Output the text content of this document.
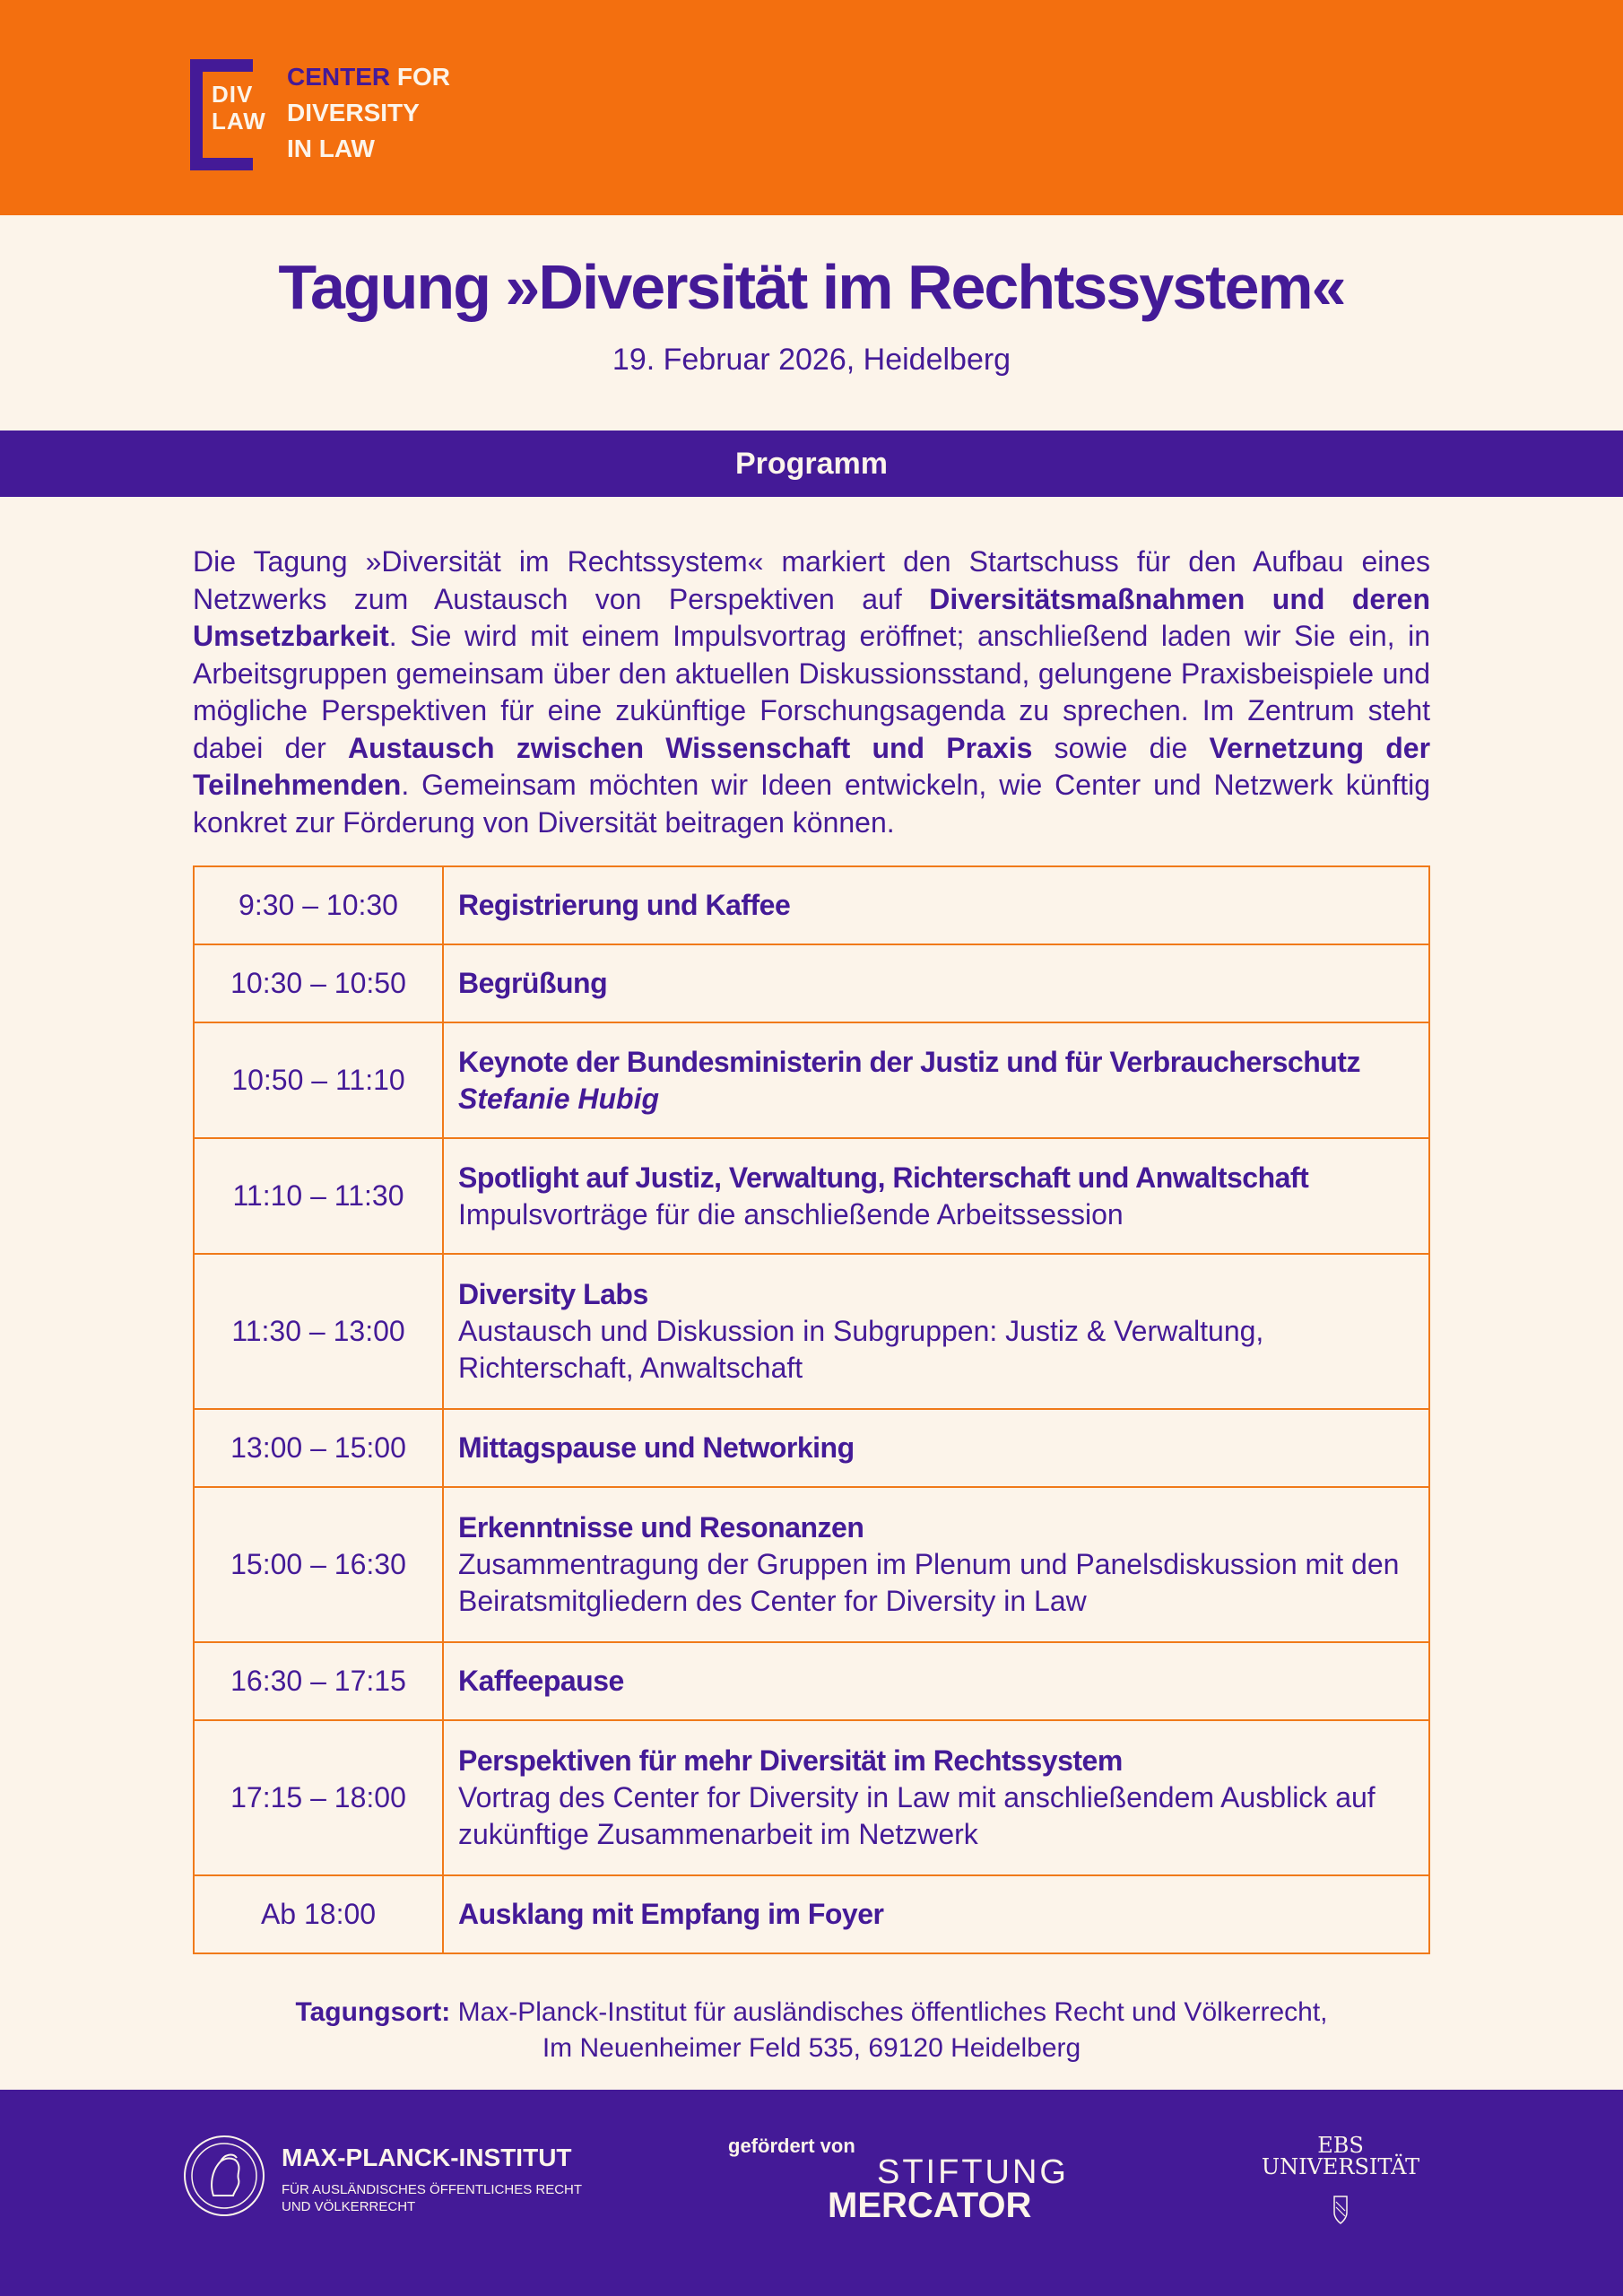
DIV
LAW
CENTER FOR
DIVERSITY
IN LAW
Tagung »Diversität im Rechtssystem«
19. Februar 2026, Heidelberg
Programm
Die Tagung »Diversität im Rechtssystem« markiert den Startschuss für den Aufbau eines Netzwerks zum Austausch von Perspektiven auf Diversitätsmaßnahmen und deren Umsetzbarkeit. Sie wird mit einem Impulsvortrag eröffnet; anschließend laden wir Sie ein, in Arbeitsgruppen gemeinsam über den aktuellen Diskussionsstand, gelungene Praxisbeispiele und mögliche Perspektiven für eine zukünftige Forschungsagenda zu sprechen. Im Zentrum steht dabei der Austausch zwischen Wissenschaft und Praxis sowie die Vernetzung der Teilnehmenden. Gemeinsam möchten wir Ideen entwickeln, wie Center und Netzwerk künftig konkret zur Förderung von Diversität beitragen können.
9:30 – 10:30	Registrierung und Kaffee

10:30 – 10:50	Begrüßung

10:50 – 11:10	Keynote der Bundesministerin der Justiz und für Verbraucherschutz
Stefanie Hubig

11:10 – 11:30	Spotlight auf Justiz, Verwaltung, Richterschaft und Anwaltschaft
Impulsvorträge für die anschließende Arbeitssession

11:30 – 13:00	Diversity Labs
Austausch und Diskussion in Subgruppen: Justiz & Verwaltung, Richterschaft, Anwaltschaft

13:00 – 15:00	Mittagspause und Networking

15:00 – 16:30	Erkenntnisse und Resonanzen
Zusammentragung der Gruppen im Plenum und Panelsdiskussion mit den Beiratsmitgliedern des Center for Diversity in Law

16:30 – 17:15	Kaffeepause

17:15 – 18:00	Perspektiven für mehr Diversität im Rechtssystem
Vortrag des Center for Diversity in Law mit anschließendem Ausblick auf zukünftige Zusammenarbeit im Netzwerk

Ab 18:00	Ausklang mit Empfang im Foyer
Tagungsort: Max-Planck-Institut für ausländisches öffentliches Recht und Völkerrecht,
Im Neuenheimer Feld 535, 69120 Heidelberg
MAX-PLANCK-INSTITUT
FÜR AUSLÄNDISCHES ÖFFENTLICHES RECHT
UND VÖLKERRECHT
gefördert von
STIFTUNG
MERCATOR
EBS
UNIVERSITÄT
